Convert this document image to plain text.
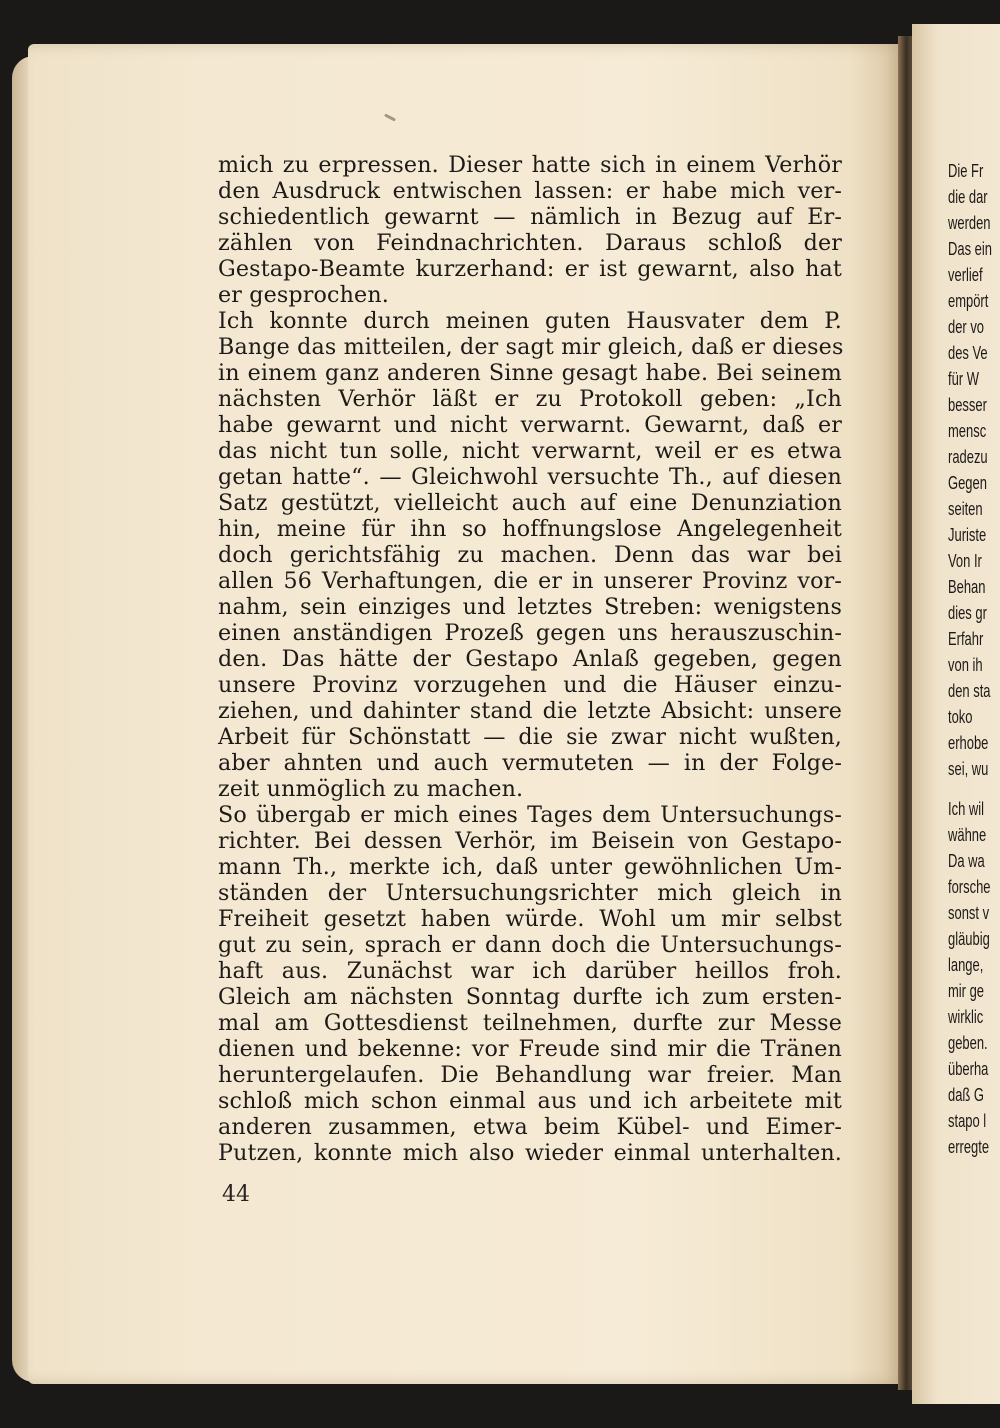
mich zu erpressen. Dieser hatte sich in einem Verhör
den Ausdruck entwischen lassen: er habe mich ver-
schiedentlich gewarnt — nämlich in Bezug auf Er-
zählen von Feindnachrichten. Daraus schloß der
Gestapo-Beamte kurzerhand: er ist gewarnt, also hat
er gesprochen.
Ich konnte durch meinen guten Hausvater dem P.
Bange das mitteilen, der sagt mir gleich, daß er dieses
in einem ganz anderen Sinne gesagt habe. Bei seinem
nächsten Verhör läßt er zu Protokoll geben: „Ich
habe gewarnt und nicht verwarnt. Gewarnt, daß er
das nicht tun solle, nicht verwarnt, weil er es etwa
getan hatte“. — Gleichwohl versuchte Th., auf diesen
Satz gestützt, vielleicht auch auf eine Denunziation
hin, meine für ihn so hoffnungslose Angelegenheit
doch gerichtsfähig zu machen. Denn das war bei
allen 56 Verhaftungen, die er in unserer Provinz vor-
nahm, sein einziges und letztes Streben: wenigstens
einen anständigen Prozeß gegen uns herauszuschin-
den. Das hätte der Gestapo Anlaß gegeben, gegen
unsere Provinz vorzugehen und die Häuser einzu-
ziehen, und dahinter stand die letzte Absicht: unsere
Arbeit für Schönstatt — die sie zwar nicht wußten,
aber ahnten und auch vermuteten — in der Folge-
zeit unmöglich zu machen.
So übergab er mich eines Tages dem Untersuchungs-
richter. Bei dessen Verhör, im Beisein von Gestapo-
mann Th., merkte ich, daß unter gewöhnlichen Um-
ständen der Untersuchungsrichter mich gleich in
Freiheit gesetzt haben würde. Wohl um mir selbst
gut zu sein, sprach er dann doch die Untersuchungs-
haft aus. Zunächst war ich darüber heillos froh.
Gleich am nächsten Sonntag durfte ich zum ersten-
mal am Gottesdienst teilnehmen, durfte zur Messe
dienen und bekenne: vor Freude sind mir die Tränen
heruntergelaufen. Die Behandlung war freier. Man
schloß mich schon einmal aus und ich arbeitete mit
anderen zusammen, etwa beim Kübel- und Eimer-
Putzen, konnte mich also wieder einmal unterhalten.
44
Die Fr
die dar
werden
Das ein
verlief
empört
der vo
des Ve
für W
besser
mensc
radezu
Gegen
seiten
Juriste
Von Ir
Behan
dies gr
Erfahr
von ih
den sta
toko
erhobe
sei, wu
Ich wil
wähne
Da wa
forsche
sonst v
gläubig
lange,
mir ge
wirklic
geben.
überha
daß G
stapo l
erregte
